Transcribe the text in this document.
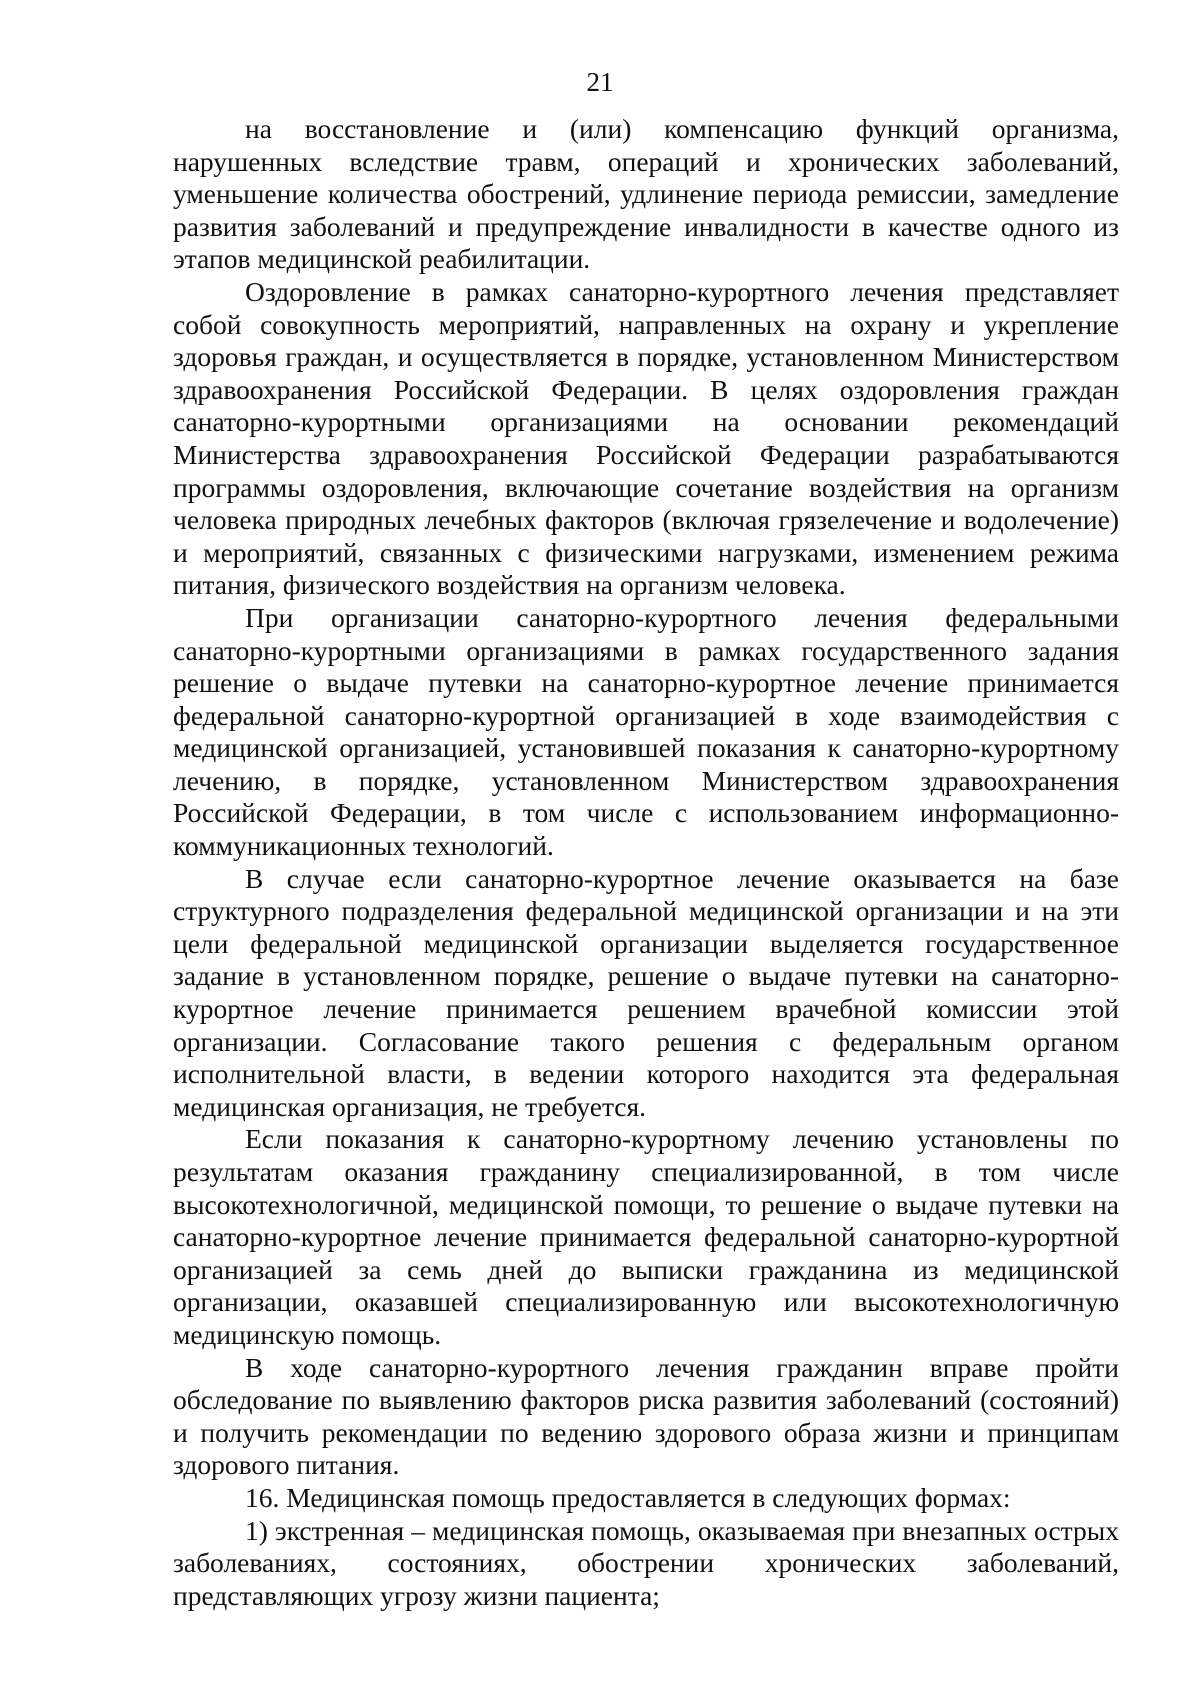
21

на восстановление и (или) компенсацию функций организма, нарушенных вследствие травм, операций и хронических заболеваний, уменьшение количества обострений, удлинение периода ремиссии, замедление развития заболеваний и предупреждение инвалидности в качестве одного из этапов медицинской реабилитации.

Оздоровление в рамках санаторно-курортного лечения представляет собой совокупность мероприятий, направленных на охрану и укрепление здоровья граждан, и осуществляется в порядке, установленном Министерством здравоохранения Российской Федерации. В целях оздоровления граждан санаторно-курортными организациями на основании рекомендаций Министерства здравоохранения Российской Федерации разрабатываются программы оздоровления, включающие сочетание воздействия на организм человека природных лечебных факторов (включая грязелечение и водолечение) и мероприятий, связанных с физическими нагрузками, изменением режима питания, физического воздействия на организм человека.

При организации санаторно-курортного лечения федеральными санаторно-курортными организациями в рамках государственного задания решение о выдаче путевки на санаторно-курортное лечение принимается федеральной санаторно-курортной организацией в ходе взаимодействия с медицинской организацией, установившей показания к санаторно-курортному лечению, в порядке, установленном Министерством здравоохранения Российской Федерации, в том числе с использованием информационно-коммуникационных технологий.

В случае если санаторно-курортное лечение оказывается на базе структурного подразделения федеральной медицинской организации и на эти цели федеральной медицинской организации выделяется государственное задание в установленном порядке, решение о выдаче путевки на санаторно-курортное лечение принимается решением врачебной комиссии этой организации. Согласование такого решения с федеральным органом исполнительной власти, в ведении которого находится эта федеральная медицинская организация, не требуется.

Если показания к санаторно-курортному лечению установлены по результатам оказания гражданину специализированной, в том числе высокотехнологичной, медицинской помощи, то решение о выдаче путевки на санаторно-курортное лечение принимается федеральной санаторно-курортной организацией за семь дней до выписки гражданина из медицинской организации, оказавшей специализированную или высокотехнологичную медицинскую помощь.

В ходе санаторно-курортного лечения гражданин вправе пройти обследование по выявлению факторов риска развития заболеваний (состояний) и получить рекомендации по ведению здорового образа жизни и принципам здорового питания.

16. Медицинская помощь предоставляется в следующих формах:

1) экстренная – медицинская помощь, оказываемая при внезапных острых заболеваниях, состояниях, обострении хронических заболеваний, представляющих угрозу жизни пациента;
